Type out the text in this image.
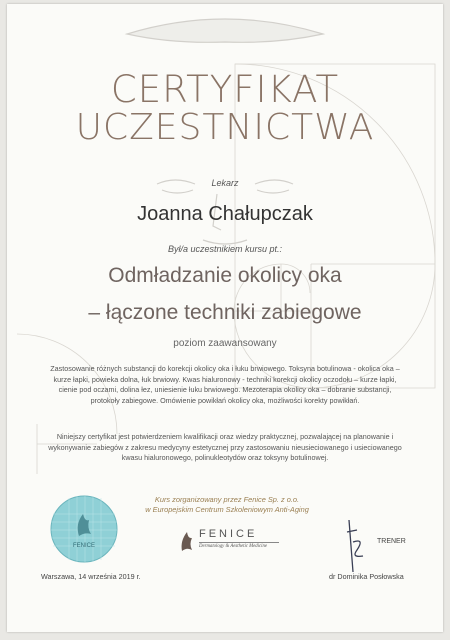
CERTYFIKAT
UCZESTNICTWA
Lekarz
Joanna Chałupczak
Był/a uczestnikiem kursu pt.:
Odmładzanie okolicy oka
– łączone techniki zabiegowe
poziom zaawansowany
Zastosowanie różnych substancji do korekcji okolicy oka i łuku brwiowego. Toksyna botulinowa - okolica oka – kurze łapki, powieka dolna, łuk brwiowy. Kwas hialuronowy - techniki korekcji okolicy oczodołu – kurze łapki, cienie pod oczami, dolina łez, uniesienie łuku brwiowego. Mezoterapia okolicy oka – dobranie substancji, protokoły zabiegowe. Omówienie powikłań okolicy oka, możliwości korekty powikłań.
Niniejszy certyfikat jest potwierdzeniem kwalifikacji oraz wiedzy praktycznej, pozwalającej na planowanie i wykonywanie zabiegów z zakresu medycyny estetycznej przy zastosowaniu nieusieciowanego i usieciowanego kwasu hialuronowego, polinukleotydów oraz toksyny botulinowej.
Kurs zorganizowany przez Fenice Sp. z o.o.
w Europejskim Centrum Szkoleniowym Anti-Aging
FENICE
FENICE
Dermatology & Aesthetic Medicine
TRENER
Warszawa, 14 września 2019 r.	dr Dominika Posłowska
